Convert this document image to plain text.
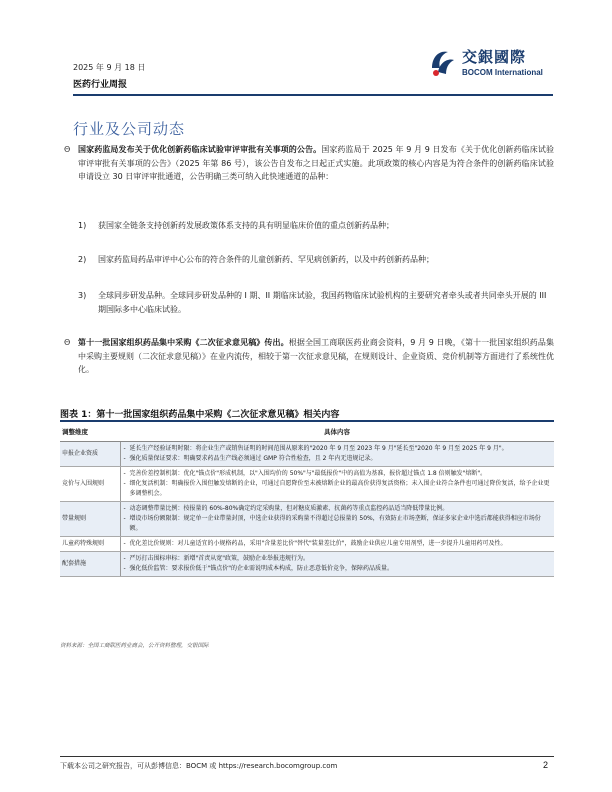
2025 年 9 月 18 日
医药行业周报
交銀國際
BOCOM International
行业及公司动态
Θ 国家药监局发布关于优化创新药临床试验审评审批有关事项的公告。国家药监局于 2025 年 9 月 9 日发布《关于优化创新药临床试验审评审批有关事项的公告》（2025 年第 86 号），该公告自发布之日起正式实施。此项政策的核心内容是为符合条件的创新药临床试验申请设立 30 日审评审批通道，公告明确三类可纳入此快速通道的品种：
1) 获国家全链条支持创新药发展政策体系支持的具有明显临床价值的重点创新药品种；
2) 国家药监局药品审评中心公布的符合条件的儿童创新药、罕见病创新药，以及中药创新药品种；
3) 全球同步研发品种。全球同步研发品种的 I 期、II 期临床试验，我国药物临床试验机构的主要研究者牵头或者共同牵头开展的 III 期国际多中心临床试验。
Θ 第十一批国家组织药品集中采购《二次征求意见稿》传出。根据全国工商联医药业商会资料，9 月 9 日晚，《第十一批国家组织药品集中采购主要规则（二次征求意见稿）》在业内流传，相较于第一次征求意见稿，在规则设计、企业资质、竞价机制等方面进行了系统性优化。
图表 1：第十一批国家组织药品集中采购《二次征求意见稿》相关内容
调整维度	具体内容
申报企业资质	- 延长生产经验证明时限：将企业生产或销售证明的时间范围从原来的"2020 年 9 月至 2023 年 9 月"延长至"2020 年 9 月至 2025 年 9 月"。
- 强化质量保证要求：明确要求药品生产线必须通过 GMP 符合性检查，且 2 年内无违规记录。

竞价与入围规则	- 完善价差控制机制：优化"锚点价"形成机制，以"入围均价的 50%"与"最低报价"中的高值为基准，报价超过锚点 1.8 倍则触发"熔断"。
- 细化复活机制：明确报价入围但触发熔断的企业，可通过自愿降价至未被熔断企业的最高价获得复活资格；未入围企业符合条件也可通过降价复活，给予企业更多调整机会。

带量规则	- 动态调整带量比例：按报量的 60%-80%确定约定采购量，但对糖皮质激素、抗菌药等重点监控药品适当降低带量比例。
- 增设市场份额限制：规定单一企业带量封顶，中选企业获得的采购量不得超过总报量的 50%，有效防止市场垄断，保证多家企业中选后都能获得相应市场份额。

儿童药特殊规则	- 优化差比价规则：对儿童适宜的小规格药品，采用"含量差比价"替代"装量差比价"，鼓励企业供应儿童专用剂型，进一步提升儿童用药可及性。

配套措施	- 严厉打击围标串标：新增"首责从宽"政策，鼓励企业举报违规行为。
- 强化低价监管：要求报价低于"锚点价"的企业需说明成本构成，防止恶意低价竞争，保障药品质量。
资料来源：全国工商联医药业商会，公开资料整理，交银国际
下载本公司之研究报告，可从彭博信息：BOCM 或 https://research.bocomgroup.com	2
